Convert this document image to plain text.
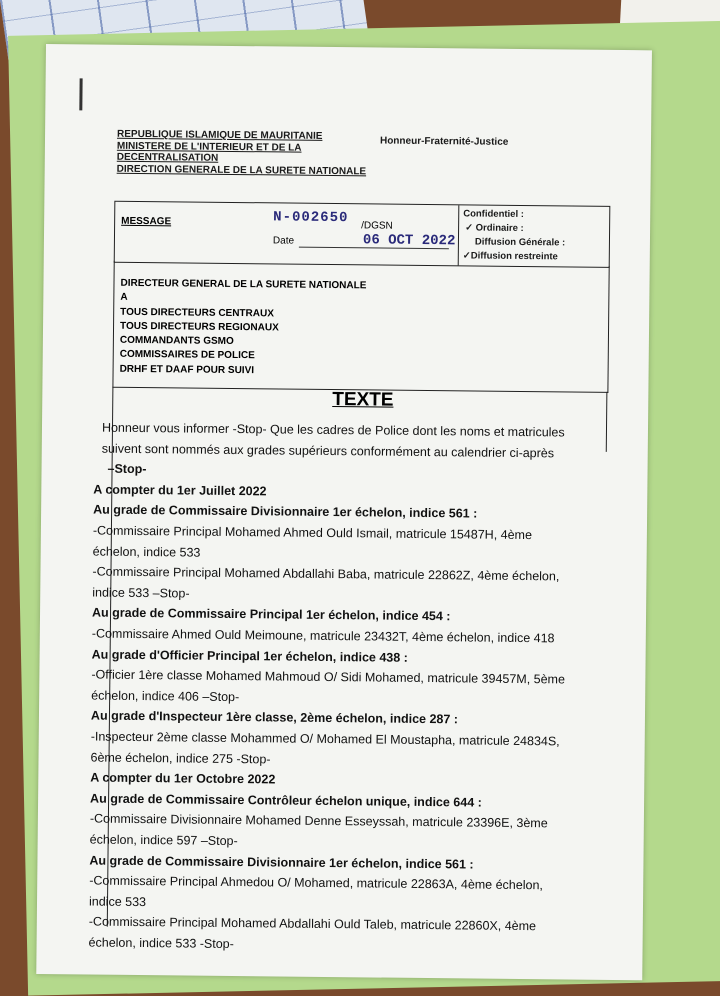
REPUBLIQUE ISLAMIQUE DE MAURITANIE
MINISTERE DE L'INTERIEUR ET DE LA
DECENTRALISATION
DIRECTION GENERALE DE LA SURETE NATIONALE
Honneur-Fraternité-Justice
MESSAGE	N-002650 /DGSN
Date	06 OCT 2022
Confidentiel :
✓ Ordinaire :
Diffusion Générale :
✓Diffusion restreinte
DIRECTEUR GENERAL DE LA SURETE NATIONALE
A
TOUS DIRECTEURS CENTRAUX
TOUS DIRECTEURS REGIONAUX
COMMANDANTS GSMO
COMMISSAIRES DE POLICE
DRHF ET DAAF POUR SUIVI
TEXTE
Honneur vous informer -Stop- Que les cadres de Police dont les noms et matricules
suivent sont nommés aux grades supérieurs conformément au calendrier ci-après
–Stop-
A compter du 1er Juillet 2022
Au grade de Commissaire Divisionnaire 1er échelon, indice 561 :
-Commissaire Principal Mohamed Ahmed Ould Ismail, matricule 15487H, 4ème
échelon, indice 533
-Commissaire Principal Mohamed Abdallahi Baba, matricule 22862Z, 4ème échelon,
indice 533 –Stop-
Au grade de Commissaire Principal 1er échelon, indice 454 :
-Commissaire Ahmed Ould Meimoune, matricule 23432T, 4ème échelon, indice 418
Au grade d'Officier Principal 1er échelon, indice 438 :
-Officier 1ère classe Mohamed Mahmoud O/ Sidi Mohamed, matricule 39457M, 5ème
échelon, indice 406 –Stop-
Au grade d'Inspecteur 1ère classe, 2ème échelon, indice 287 :
-Inspecteur 2ème classe Mohammed O/ Mohamed El Moustapha, matricule 24834S,
6ème échelon, indice 275 -Stop-
A compter du 1er Octobre 2022
Au grade de Commissaire Contrôleur échelon unique, indice 644 :
-Commissaire Divisionnaire Mohamed Denne Esseyssah, matricule 23396E, 3ème
échelon, indice 597 –Stop-
Au grade de Commissaire Divisionnaire 1er échelon, indice 561 :
-Commissaire Principal Ahmedou O/ Mohamed, matricule 22863A, 4ème échelon,
indice 533
-Commissaire Principal Mohamed Abdallahi Ould Taleb, matricule 22860X, 4ème
échelon, indice 533 -Stop-
